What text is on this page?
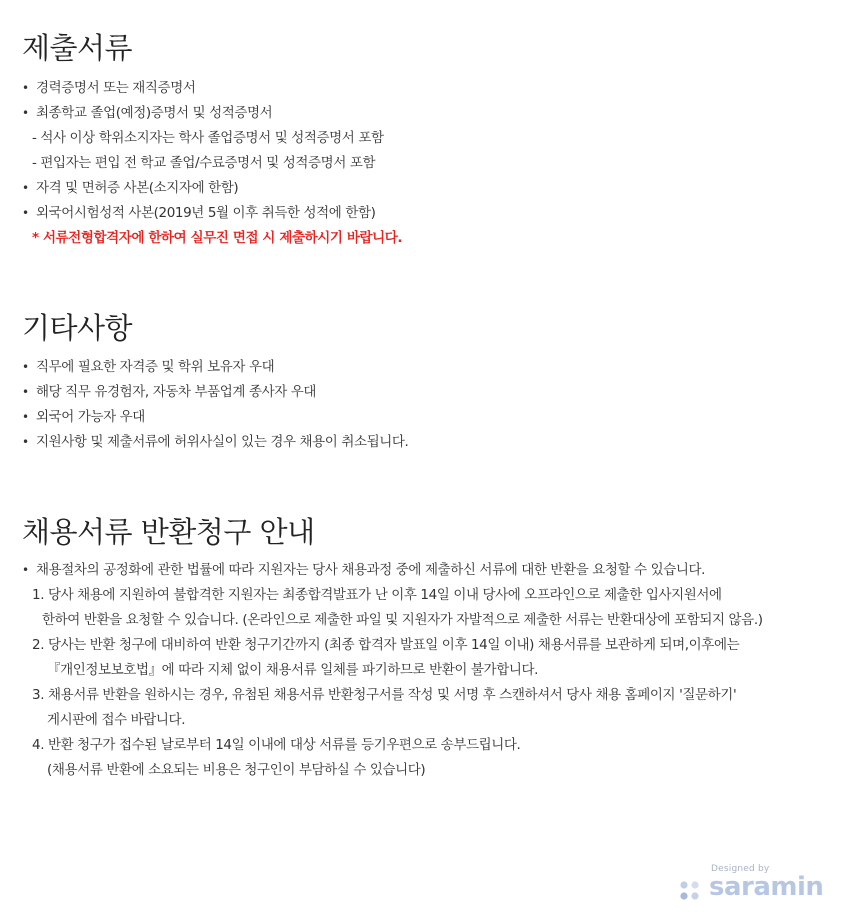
제출서류
• 경력증명서 또는 재직증명서
• 최종학교 졸업(예정)증명서 및 성적증명서
- 석사 이상 학위소지자는 학사 졸업증명서 및 성적증명서 포함
- 편입자는 편입 전 학교 졸업/수료증명서 및 성적증명서 포함
• 자격 및 면허증 사본(소지자에 한함)
• 외국어시험성적 사본(2019년 5월 이후 취득한 성적에 한함)
* 서류전형합격자에 한하여 실무진 면접 시 제출하시기 바랍니다.
기타사항
• 직무에 필요한 자격증 및 학위 보유자 우대
• 해당 직무 유경험자, 자동차 부품업계 종사자 우대
• 외국어 가능자 우대
• 지원사항 및 제출서류에 허위사실이 있는 경우 채용이 취소됩니다.
채용서류 반환청구 안내
• 채용절차의 공정화에 관한 법률에 따라 지원자는 당사 채용과정 중에 제출하신 서류에 대한 반환을 요청할 수 있습니다.
1. 당사 채용에 지원하여 불합격한 지원자는 최종합격발표가 난 이후 14일 이내 당사에 오프라인으로 제출한 입사지원서에
한하여 반환을 요청할 수 있습니다. (온라인으로 제출한 파일 및 지원자가 자발적으로 제출한 서류는 반환대상에 포함되지 않음.)
2. 당사는 반환 청구에 대비하여 반환 청구기간까지 (최종 합격자 발표일 이후 14일 이내) 채용서류를 보관하게 되며,이후에는
『개인정보보호법』에 따라 지체 없이 채용서류 일체를 파기하므로 반환이 불가합니다.
3. 채용서류 반환을 원하시는 경우, 유첨된 채용서류 반환청구서를 작성 및 서명 후 스캔하셔서 당사 채용 홈페이지 '질문하기'
게시판에 접수 바랍니다.
4. 반환 청구가 접수된 날로부터 14일 이내에 대상 서류를 등기우편으로 송부드립니다.
(채용서류 반환에 소요되는 비용은 청구인이 부담하실 수 있습니다)
Designed by
saramin
